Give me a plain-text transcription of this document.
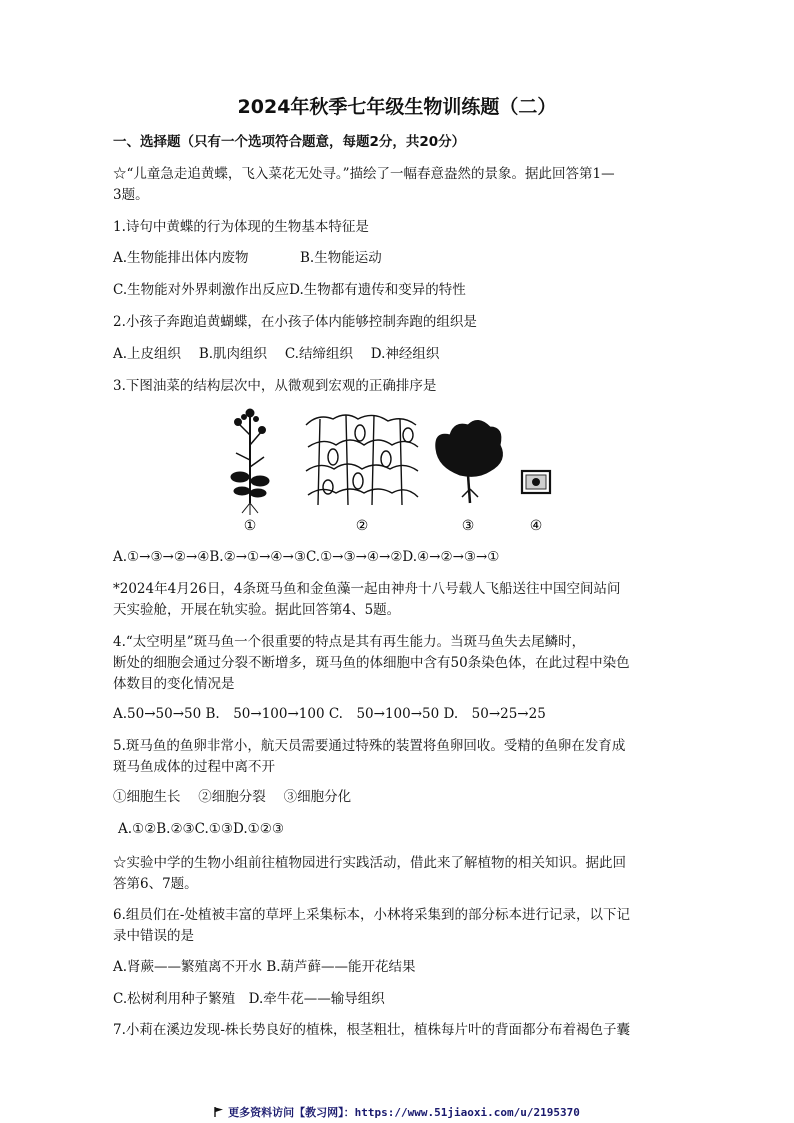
2024年秋季七年级生物训练题（二）
一、选择题（只有一个选项符合题意，每题2分，共20分）
☆“儿童急走追黄蝶，飞入菜花无处寻。”描绘了一幅春意盎然的景象。据此回答第1—
3题。
1.诗句中黄蝶的行为体现的生物基本特征是
A.生物能排出体内废物	B.生物能运动
C.生物能对外界刺激作出反应D.生物都有遗传和变异的特性
2.小孩子奔跑追黄蝴蝶，在小孩子体内能够控制奔跑的组织是
A.上皮组织　 B.肌肉组织　 C.结缔组织　 D.神经组织
3.下图油菜的结构层次中，从微观到宏观的正确排序是
①	②	③	④
A.①→③→②→④B.②→①→④→③C.①→③→④→②D.④→②→③→①
*2024年4月26日，4条斑马鱼和金鱼藻一起由神舟十八号载人飞船送往中国空间站问
天实验舱，开展在轨实验。据此回答第4、5题。
4.“太空明星”斑马鱼一个很重要的特点是其有再生能力。当斑马鱼失去尾鳞时，
断处的细胞会通过分裂不断增多，斑马鱼的体细胞中含有50条染色体，在此过程中染色
体数目的变化情况是
A.50→50→50 B.　50→100→100 C.　50→100→50 D.　50→25→25
5.斑马鱼的鱼卵非常小，航天员需要通过特殊的装置将鱼卵回收。受精的鱼卵在发育成
斑马鱼成体的过程中离不开
①细胞生长　 ②细胞分裂　 ③细胞分化
A.①②B.②③C.①③D.①②③
☆实验中学的生物小组前往植物园进行实践活动，借此来了解植物的相关知识。据此回
答第6、7题。
6.组员们在-处植被丰富的草坪上采集标本，小林将采集到的部分标本进行记录，以下记
录中错误的是
A.肾蕨——繁殖离不开水 B.葫芦藓——能开花结果
C.松树利用种子繁殖　D.牵牛花——输导组织
7.小莉在溪边发现-株长势良好的植株，根茎粗壮，植株每片叶的背面都分布着褐色子囊
更多资料访问【教习网】：https://www.51jiaoxi.com/u/2195370
